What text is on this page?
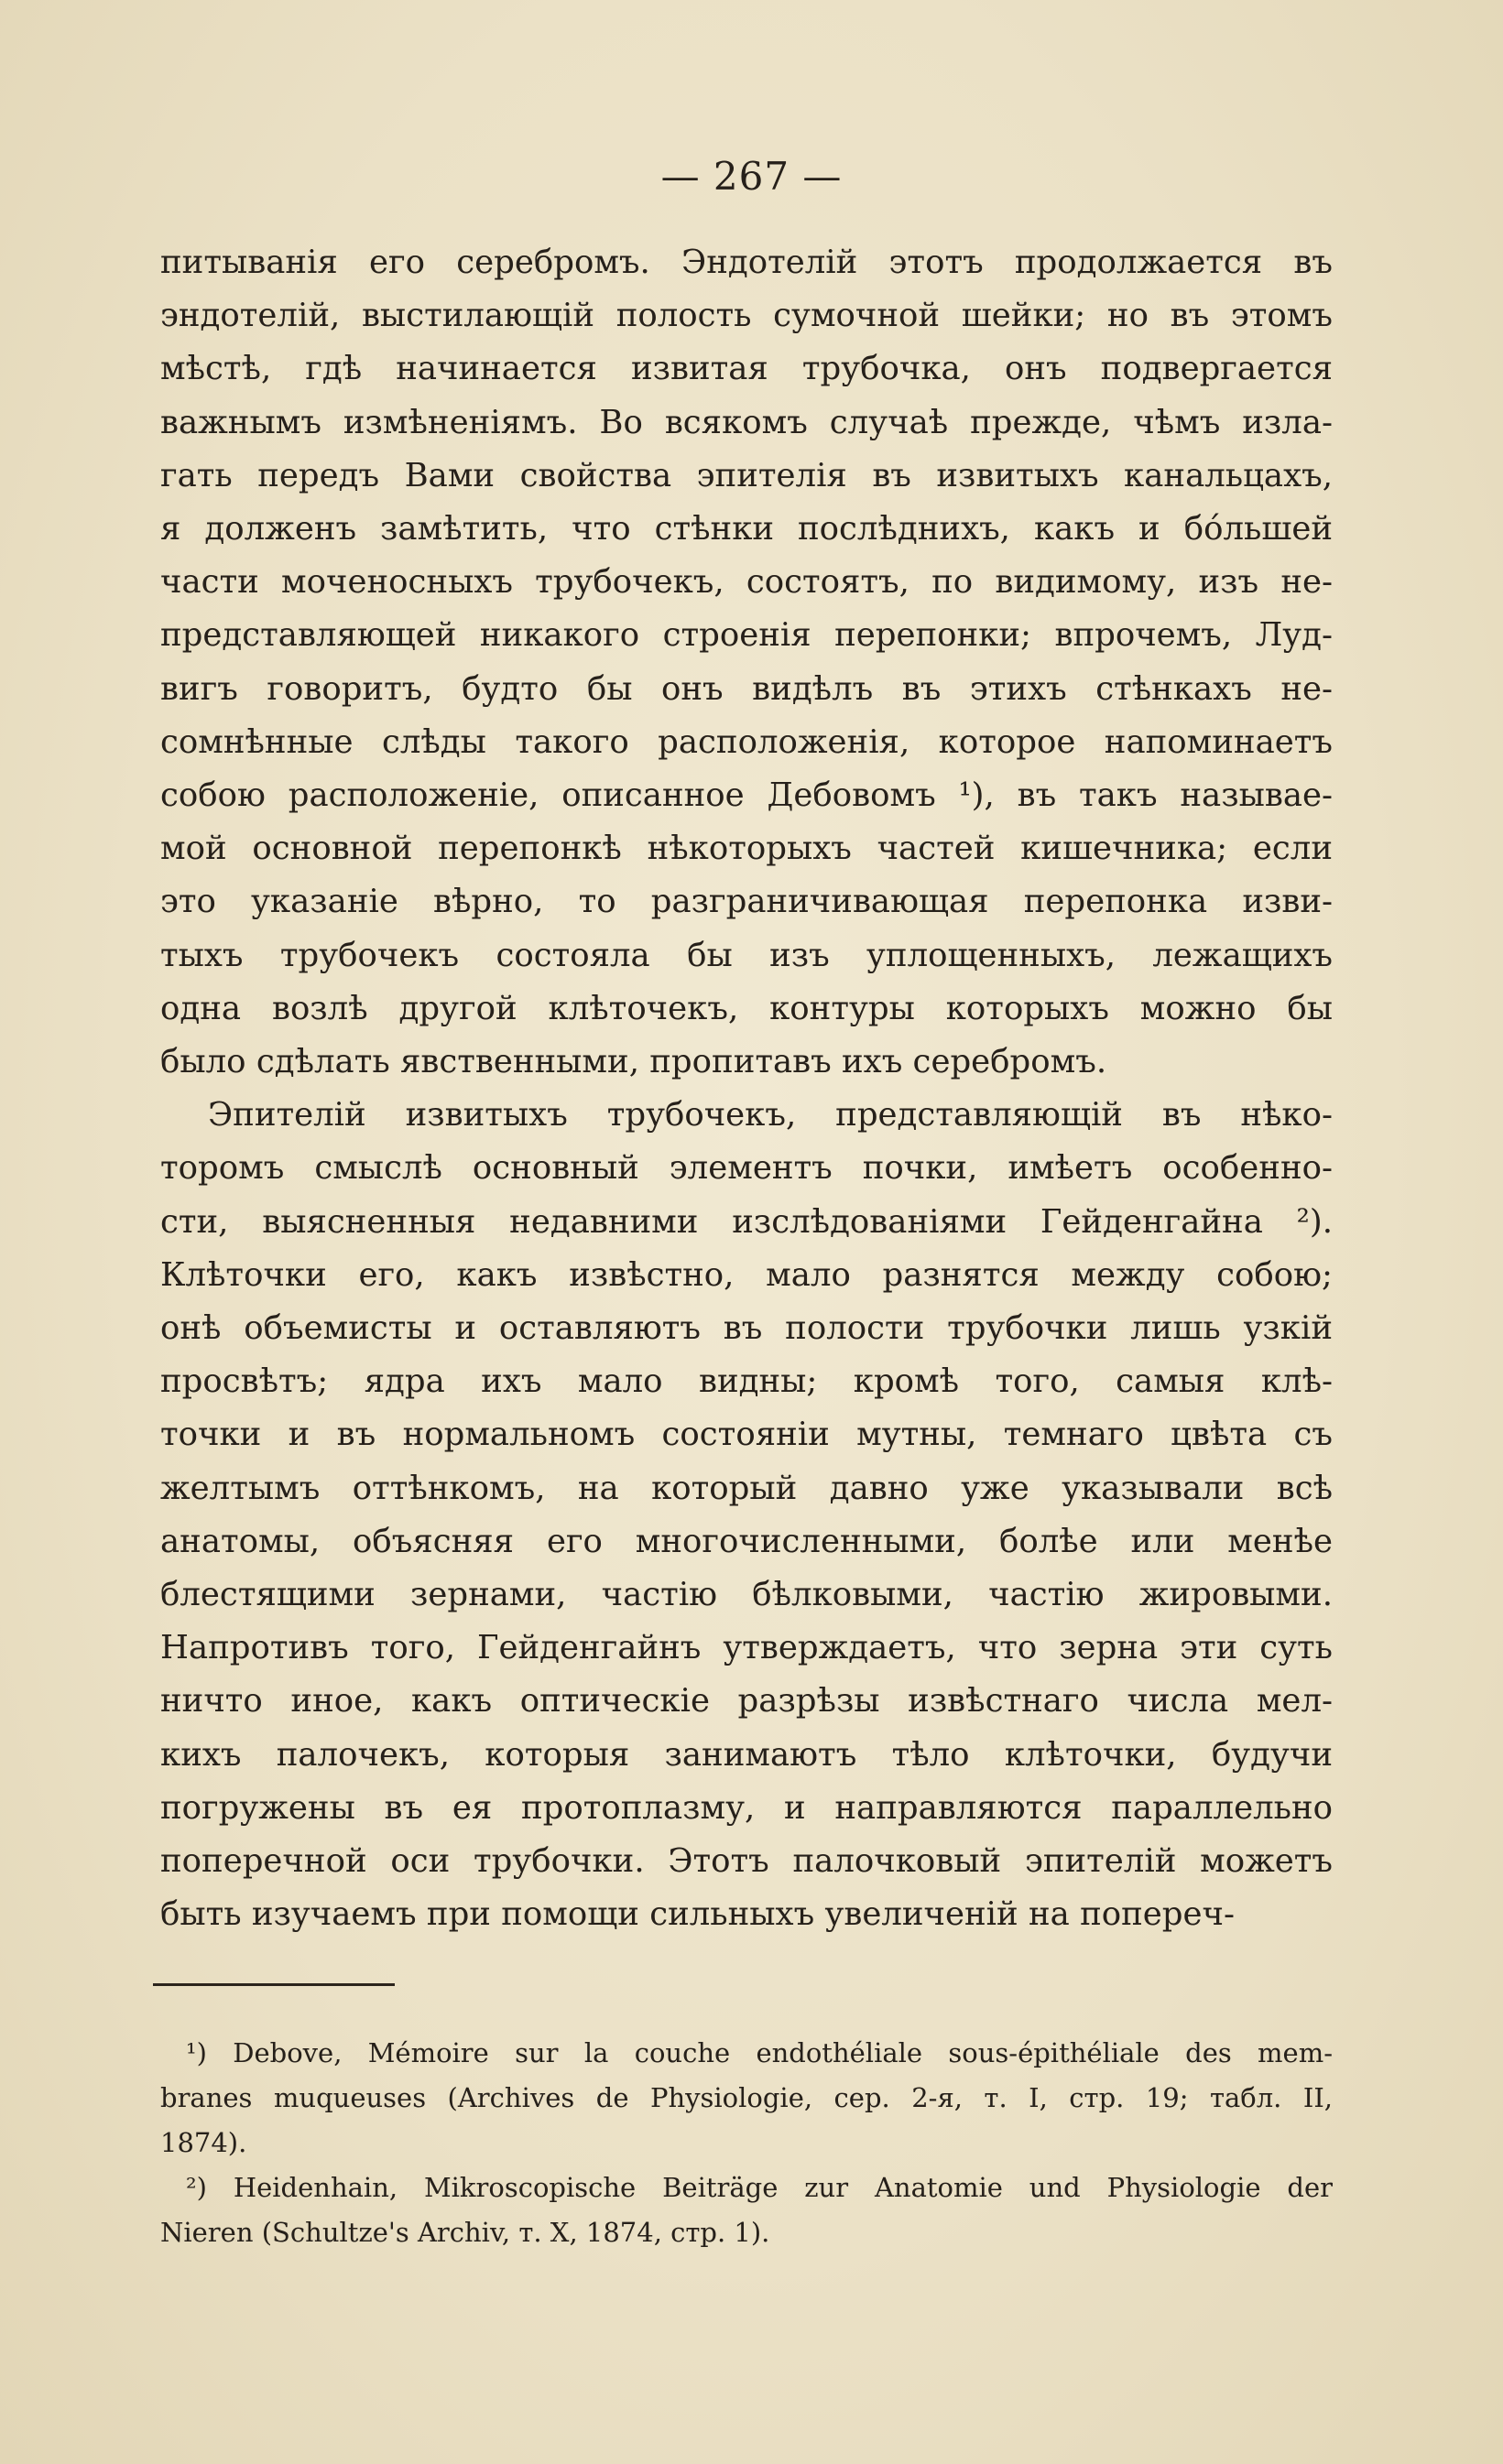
— 267 —
питыванія его серебромъ. Эндотелій этотъ продолжается въ
эндотелій, выстилающій полость сумочной шейки; но въ этомъ
мѣстѣ, гдѣ начинается извитая трубочка, онъ подвергается
важнымъ измѣненіямъ. Во всякомъ случаѣ прежде, чѣмъ изла-
гать передъ Вами свойства эпителія въ извитыхъ канальцахъ,
я долженъ замѣтить, что стѣнки послѣднихъ, какъ и бóльшей
части моченосныхъ трубочекъ, состоятъ, по видимому, изъ не-
представляющей никакого строенія перепонки; впрочемъ, Луд-
вигъ говоритъ, будто бы онъ видѣлъ въ этихъ стѣнкахъ не-
сомнѣнные слѣды такого расположенія, которое напоминаетъ
собою расположеніе, описанное Дебовомъ ¹), въ такъ называе-
мой основной перепонкѣ нѣкоторыхъ частей кишечника; если
это указаніе вѣрно, то разграничивающая перепонка изви-
тыхъ трубочекъ состояла бы изъ уплощенныхъ, лежащихъ
одна возлѣ другой клѣточекъ, контуры которыхъ можно бы
было сдѣлать явственными, пропитавъ ихъ серебромъ.
Эпителій извитыхъ трубочекъ, представляющій въ нѣко-
торомъ смыслѣ основный элементъ почки, имѣетъ особенно-
сти, выясненныя недавними изслѣдованіями Гейденгайна ²).
Клѣточки его, какъ извѣстно, мало разнятся между собою;
онѣ объемисты и оставляютъ въ полости трубочки лишь узкій
просвѣтъ; ядра ихъ мало видны; кромѣ того, самыя клѣ-
точки и въ нормальномъ состояніи мутны, темнаго цвѣта съ
желтымъ оттѣнкомъ, на который давно уже указывали всѣ
анатомы, объясняя его многочисленными, болѣе или менѣе
блестящими зернами, частію бѣлковыми, частію жировыми.
Напротивъ того, Гейденгайнъ утверждаетъ, что зерна эти суть
ничто иное, какъ оптическіе разрѣзы извѣстнаго числа мел-
кихъ палочекъ, которыя занимаютъ тѣло клѣточки, будучи
погружены въ ея протоплазму, и направляются параллельно
поперечной оси трубочки. Этотъ палочковый эпителій можетъ
быть изучаемъ при помощи сильныхъ увеличеній на попереч-
¹) Debove, Mémoire sur la couche endothéliale sous-épithéliale des mem-
branes muqueuses (Archives de Physiologie, сер. 2-я, т. I, стр. 19; табл. II,
1874).
²) Heidenhain, Mikroscopische Beiträge zur Anatomie und Physiologie der
Nieren (Schultze's Archiv, т. X, 1874, стр. 1).
